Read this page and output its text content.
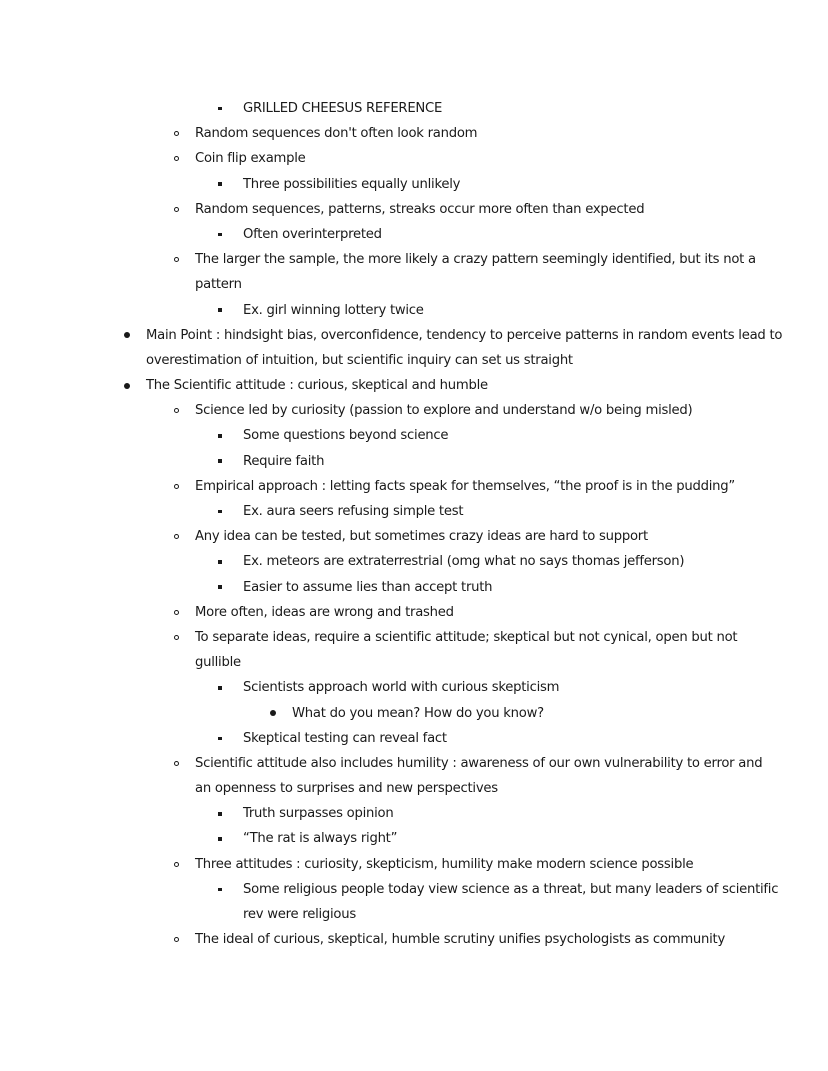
GRILLED CHEESUS REFERENCE
Random sequences don't often look random
Coin flip example
Three possibilities equally unlikely
Random sequences, patterns, streaks occur more often than expected
Often overinterpreted
The larger the sample, the more likely a crazy pattern seemingly identified, but its not a
pattern
Ex. girl winning lottery twice
Main Point : hindsight bias, overconfidence, tendency to perceive patterns in random events lead to
overestimation of intuition, but scientific inquiry can set us straight
The Scientific attitude : curious, skeptical and humble
Science led by curiosity (passion to explore and understand w/o being misled)
Some questions beyond science
Require faith
Empirical approach : letting facts speak for themselves, “the proof is in the pudding”
Ex. aura seers refusing simple test
Any idea can be tested, but sometimes crazy ideas are hard to support
Ex. meteors are extraterrestrial (omg what no says thomas jefferson)
Easier to assume lies than accept truth
More often, ideas are wrong and trashed
To separate ideas, require a scientific attitude; skeptical but not cynical, open but not
gullible
Scientists approach world with curious skepticism
What do you mean? How do you know?
Skeptical testing can reveal fact
Scientific attitude also includes humility : awareness of our own vulnerability to error and
an openness to surprises and new perspectives
Truth surpasses opinion
“The rat is always right”
Three attitudes : curiosity, skepticism, humility make modern science possible
Some religious people today view science as a threat, but many leaders of scientific
rev were religious
The ideal of curious, skeptical, humble scrutiny unifies psychologists as community
